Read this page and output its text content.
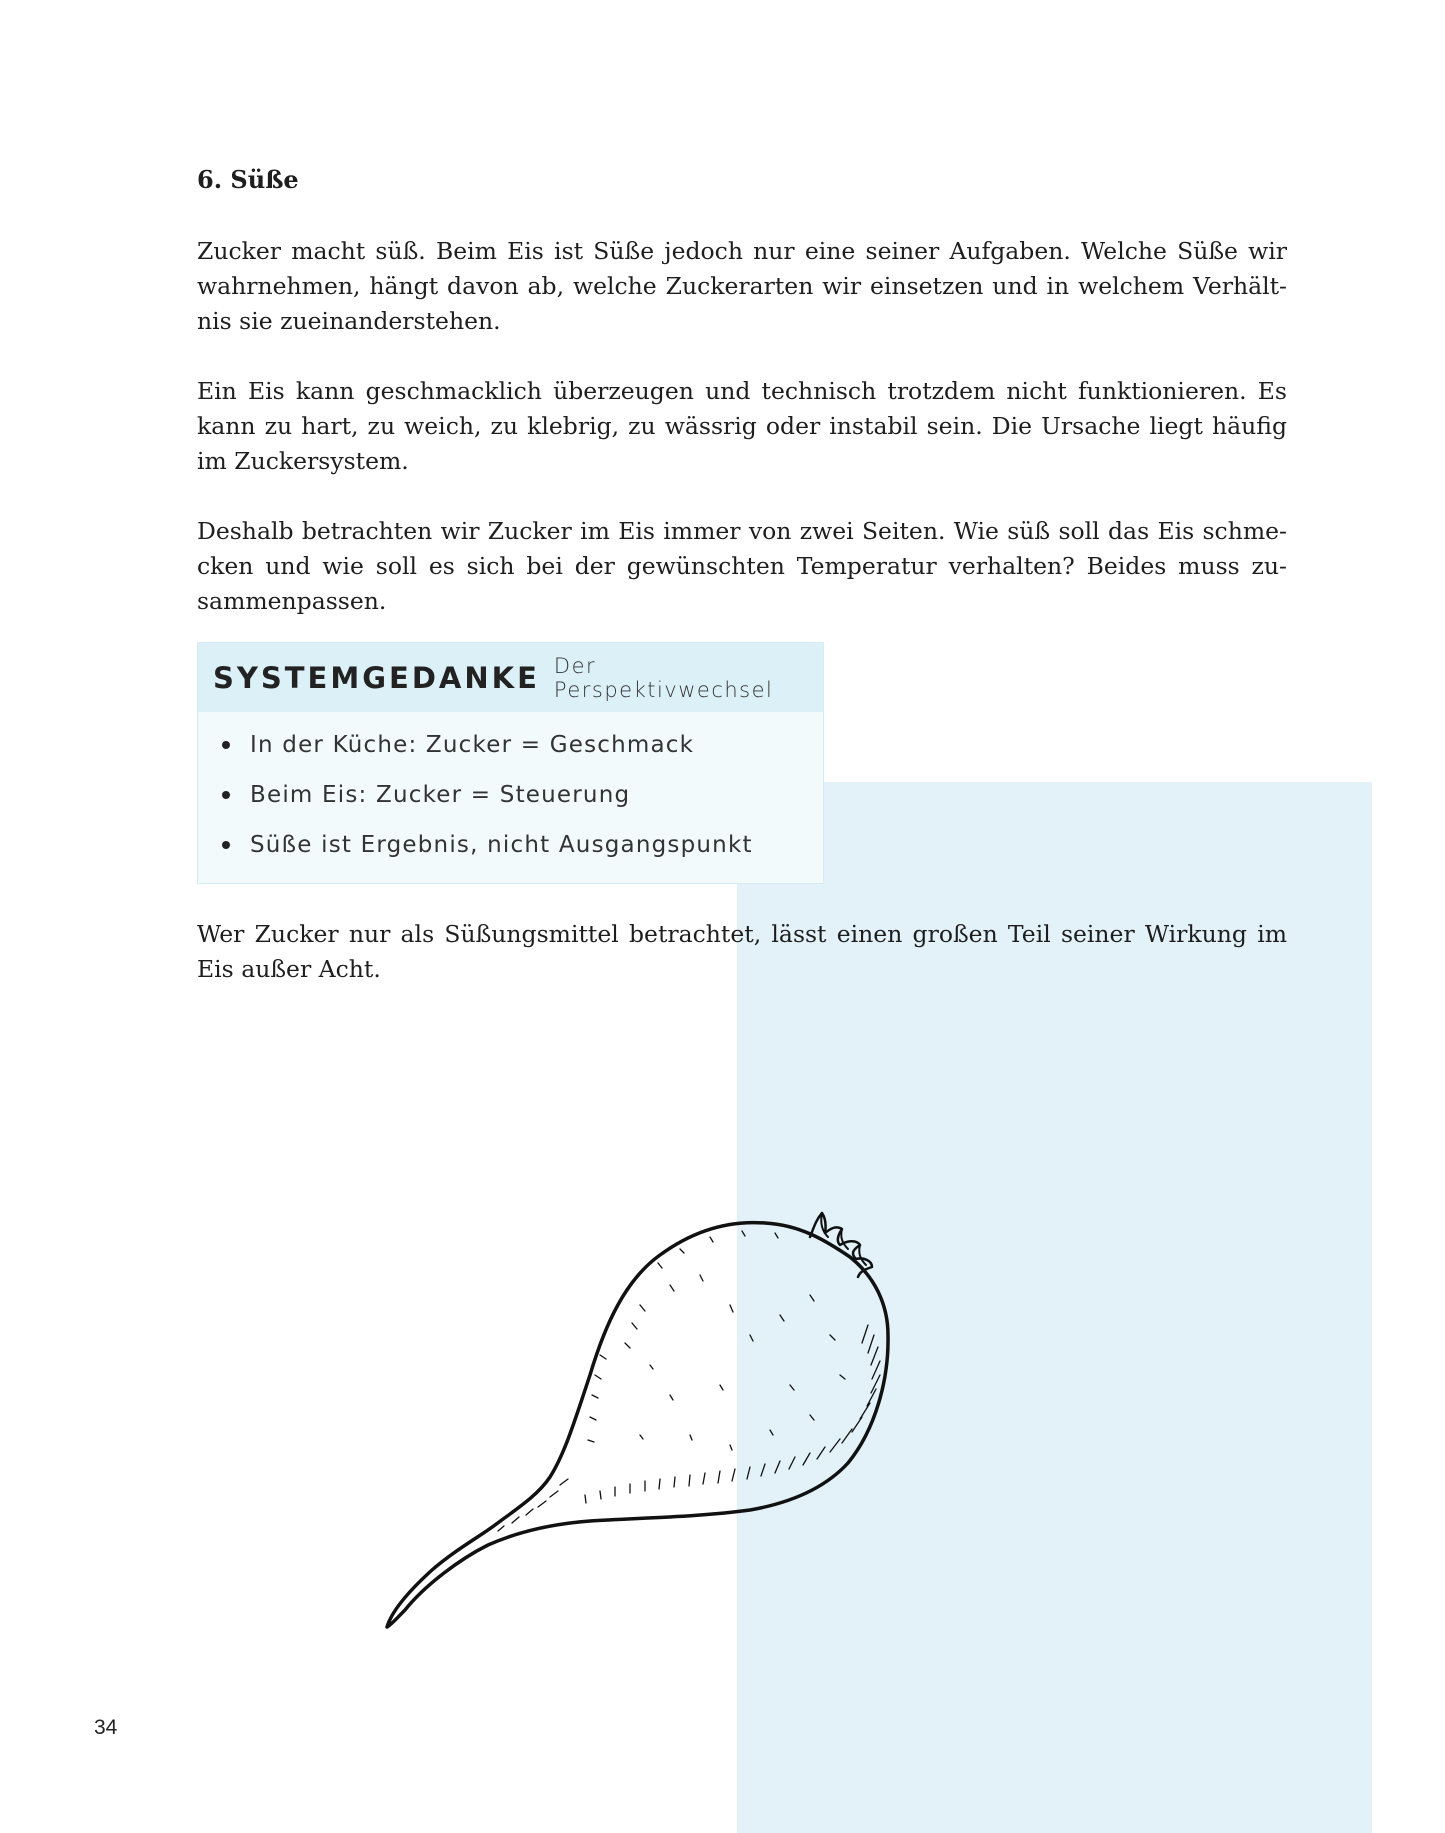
6. Süße

Zucker macht süß. Beim Eis ist Süße jedoch nur eine seiner Aufgaben. Welche Süße wir
wahrnehmen, hängt davon ab, welche Zuckerarten wir einsetzen und in welchem Verhält-
nis sie zueinanderstehen.

Ein Eis kann geschmacklich überzeugen und technisch trotzdem nicht funktionieren. Es
kann zu hart, zu weich, zu klebrig, zu wässrig oder instabil sein. Die Ursache liegt häufig
im Zuckersystem.

Deshalb betrachten wir Zucker im Eis immer von zwei Seiten. Wie süß soll das Eis schme-
cken und wie soll es sich bei der gewünschten Temperatur verhalten? Beides muss zu-
sammenpassen.

SYSTEMGEDANKE Der Perspektivwechsel
In der Küche: Zucker = Geschmack
Beim Eis: Zucker = Steuerung
Süße ist Ergebnis, nicht Ausgangspunkt

Wer Zucker nur als Süßungsmittel betrachtet, lässt einen großen Teil seiner Wirkung im
Eis außer Acht.

34
